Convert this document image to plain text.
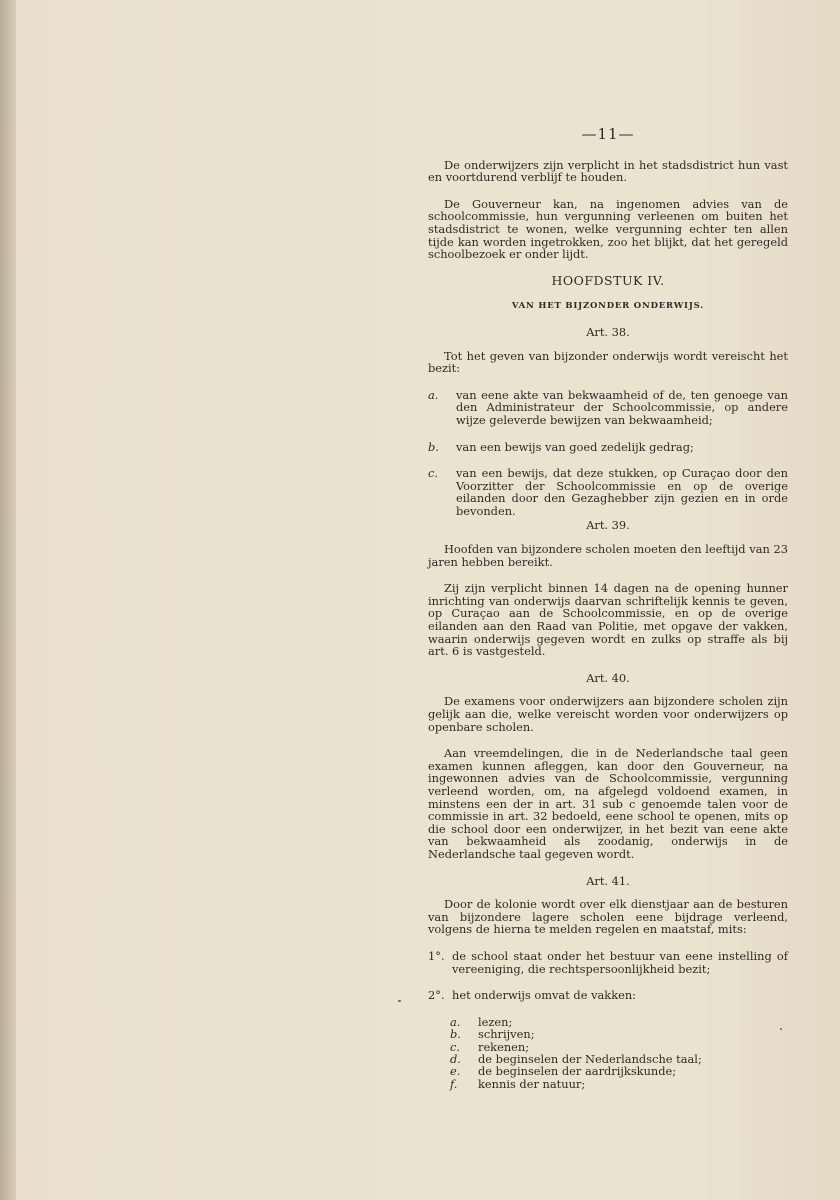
—11—

De onderwijzers zijn verplicht in het stadsdistrict hun vast en voortdurend verblijf te houden.

De Gouverneur kan, na ingenomen advies van de schoolcommissie, hun vergunning verleenen om buiten het stadsdistrict te wonen, welke vergunning echter ten allen tijde kan worden ingetrokken, zoo het blijkt, dat het geregeld schoolbezoek er onder lijdt.

HOOFDSTUK IV.
VAN HET BIJZONDER ONDERWIJS.
Art. 38.

Tot het geven van bijzonder onderwijs wordt vereischt het bezit:

a.	van eene akte van bekwaamheid of de, ten genoege van den Administrateur der Schoolcommissie, op andere wijze geleverde bewijzen van bekwaamheid;
b.	van een bewijs van goed zedelijk gedrag;
c.	van een bewijs, dat deze stukken, op Curaçao door den Voorzitter der Schoolcommissie en op de overige eilanden door den Gezaghebber zijn gezien en in orde bevonden.
Art. 39.

Hoofden van bijzondere scholen moeten den leeftijd van 23 jaren hebben bereikt.

Zij zijn verplicht binnen 14 dagen na de opening hunner inrichting van onderwijs daarvan schriftelijk kennis te geven, op Curaçao aan de Schoolcommissie, en op de overige eilanden aan den Raad van Politie, met opgave der vakken, waarin onderwijs gegeven wordt en zulks op straffe als bij art. 6 is vastgesteld.

Art. 40.

De examens voor onderwijzers aan bijzondere scholen zijn gelijk aan die, welke vereischt worden voor onderwijzers op openbare scholen.

Aan vreemdelingen, die in de Nederlandsche taal geen examen kunnen afleggen, kan door den Gouverneur, na ingewonnen advies van de Schoolcommissie, vergunning verleend worden, om, na afgelegd voldoend examen, in minstens een der in art. 31 sub c genoemde talen voor de commissie in art. 32 bedoeld, eene school te openen, mits op die school door een onderwijzer, in het bezit van eene akte van bekwaamheid als zoodanig, onderwijs in de Nederlandsche taal gegeven wordt.

Art. 41.

Door de kolonie wordt over elk dienstjaar aan de besturen van bijzondere lagere scholen eene bijdrage verleend, volgens de hierna te melden regelen en maatstaf, mits:

1°. de school staat onder het bestuur van eene instelling of vereeniging, die rechtspersoonlijkheid bezit;
2°. het onderwijs omvat de vakken:
a.	lezen;
b.	schrijven;
c.	rekenen;
d.	de beginselen der Nederlandsche taal;
e.	de beginselen der aardrijkskunde;
f.	kennis der natuur;
